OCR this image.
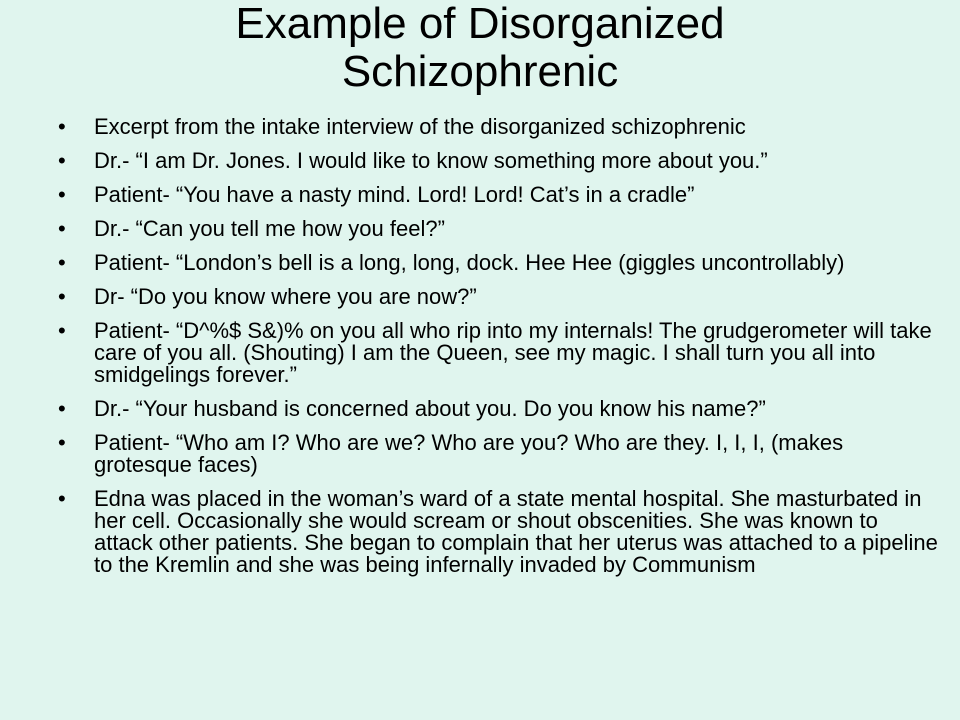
Example of Disorganized
Schizophrenic
•	Excerpt from the intake interview of the disorganized schizophrenic
•	Dr.- “I am Dr. Jones. I would like to know something more about you.”
•	Patient- “You have a nasty mind. Lord! Lord! Cat’s in a cradle”
•	Dr.- “Can you tell me how you feel?”
•	Patient- “London’s bell is a long, long, dock. Hee Hee (giggles uncontrollably)
•	Dr- “Do you know where you are now?”
•	Patient- “D^%$ S&)% on you all who rip into my internals! The grudgerometer will take care of you all. (Shouting) I am the Queen, see my magic. I shall turn you all into smidgelings forever.”
•	Dr.- “Your husband is concerned about you. Do you know his name?”
•	Patient- “Who am I? Who are we? Who are you? Who are they. I, I, I, (makes grotesque faces)
•	Edna was placed in the woman’s ward of a state mental hospital. She masturbated in her cell. Occasionally she would scream or shout obscenities. She was known to attack other patients. She began to complain that her uterus was attached to a pipeline to the Kremlin and she was being infernally invaded by Communism
